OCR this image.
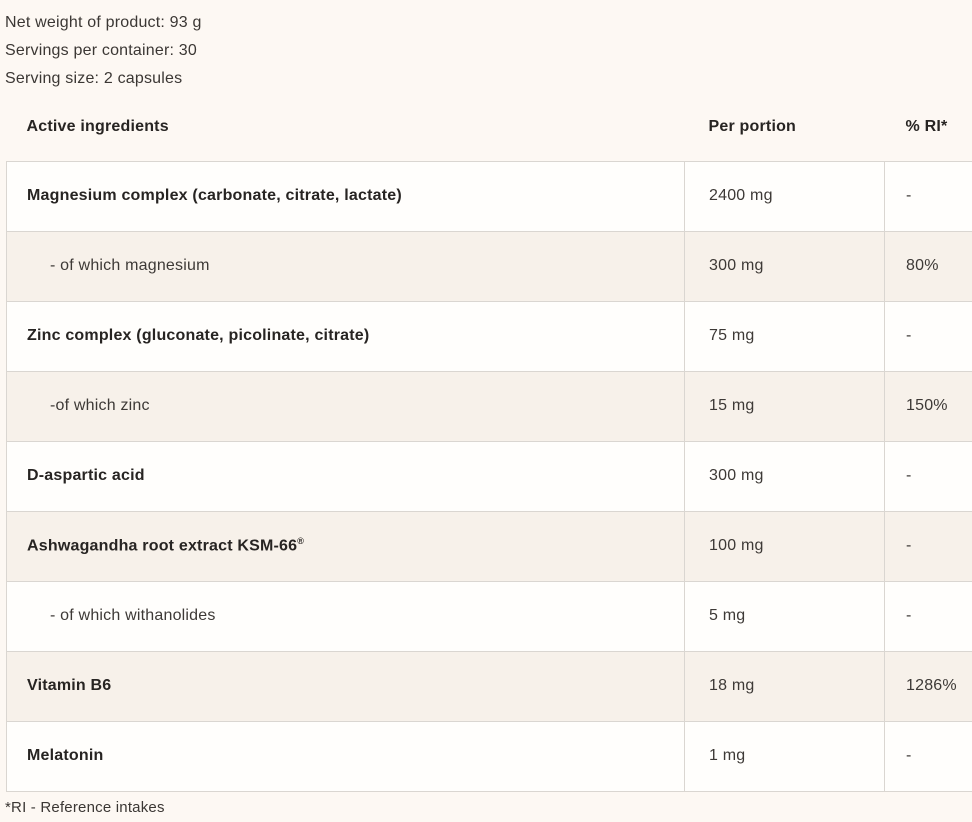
Net weight of product: 93 g
Servings per container: 30
Serving size: 2 capsules
Active ingredients	Per portion	% RI*
Magnesium complex (carbonate, citrate, lactate)	2400 mg	-
- of which magnesium	300 mg	80%
Zinc complex (gluconate, picolinate, citrate)	75 mg	-
-of which zinc	15 mg	150%
D-aspartic acid	300 mg	-
Ashwagandha root extract KSM-66®	100 mg	-
- of which withanolides	5 mg	-
Vitamin B6	18 mg	1286%
Melatonin	1 mg	-
*RI - Reference intakes
